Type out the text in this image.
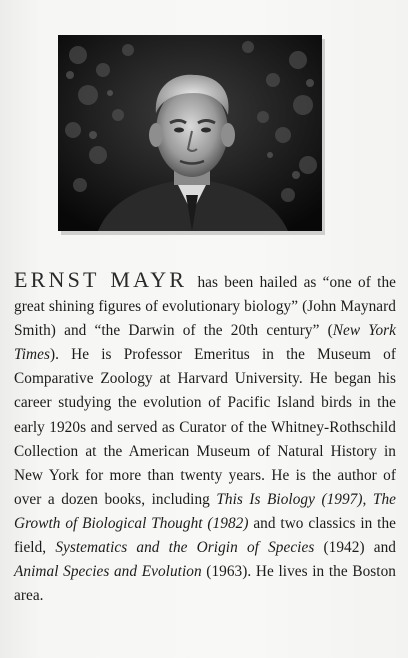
ERNST MAYR has been hailed as “one of the great shining figures of evolutionary biology” (John Maynard Smith) and “the Darwin of the 20th century” (New York Times). He is Professor Emeritus in the Museum of Comparative Zoology at Harvard University. He began his career studying the evolution of Pacific Island birds in the early 1920s and served as Curator of the Whitney-Rothschild Collection at the American Museum of Natural History in New York for more than twenty years. He is the author of over a dozen books, including This Is Biology (1997), The Growth of Biological Thought (1982) and two classics in the field, Systematics and the Origin of Species (1942) and Animal Species and Evolution (1963). He lives in the Boston area.
